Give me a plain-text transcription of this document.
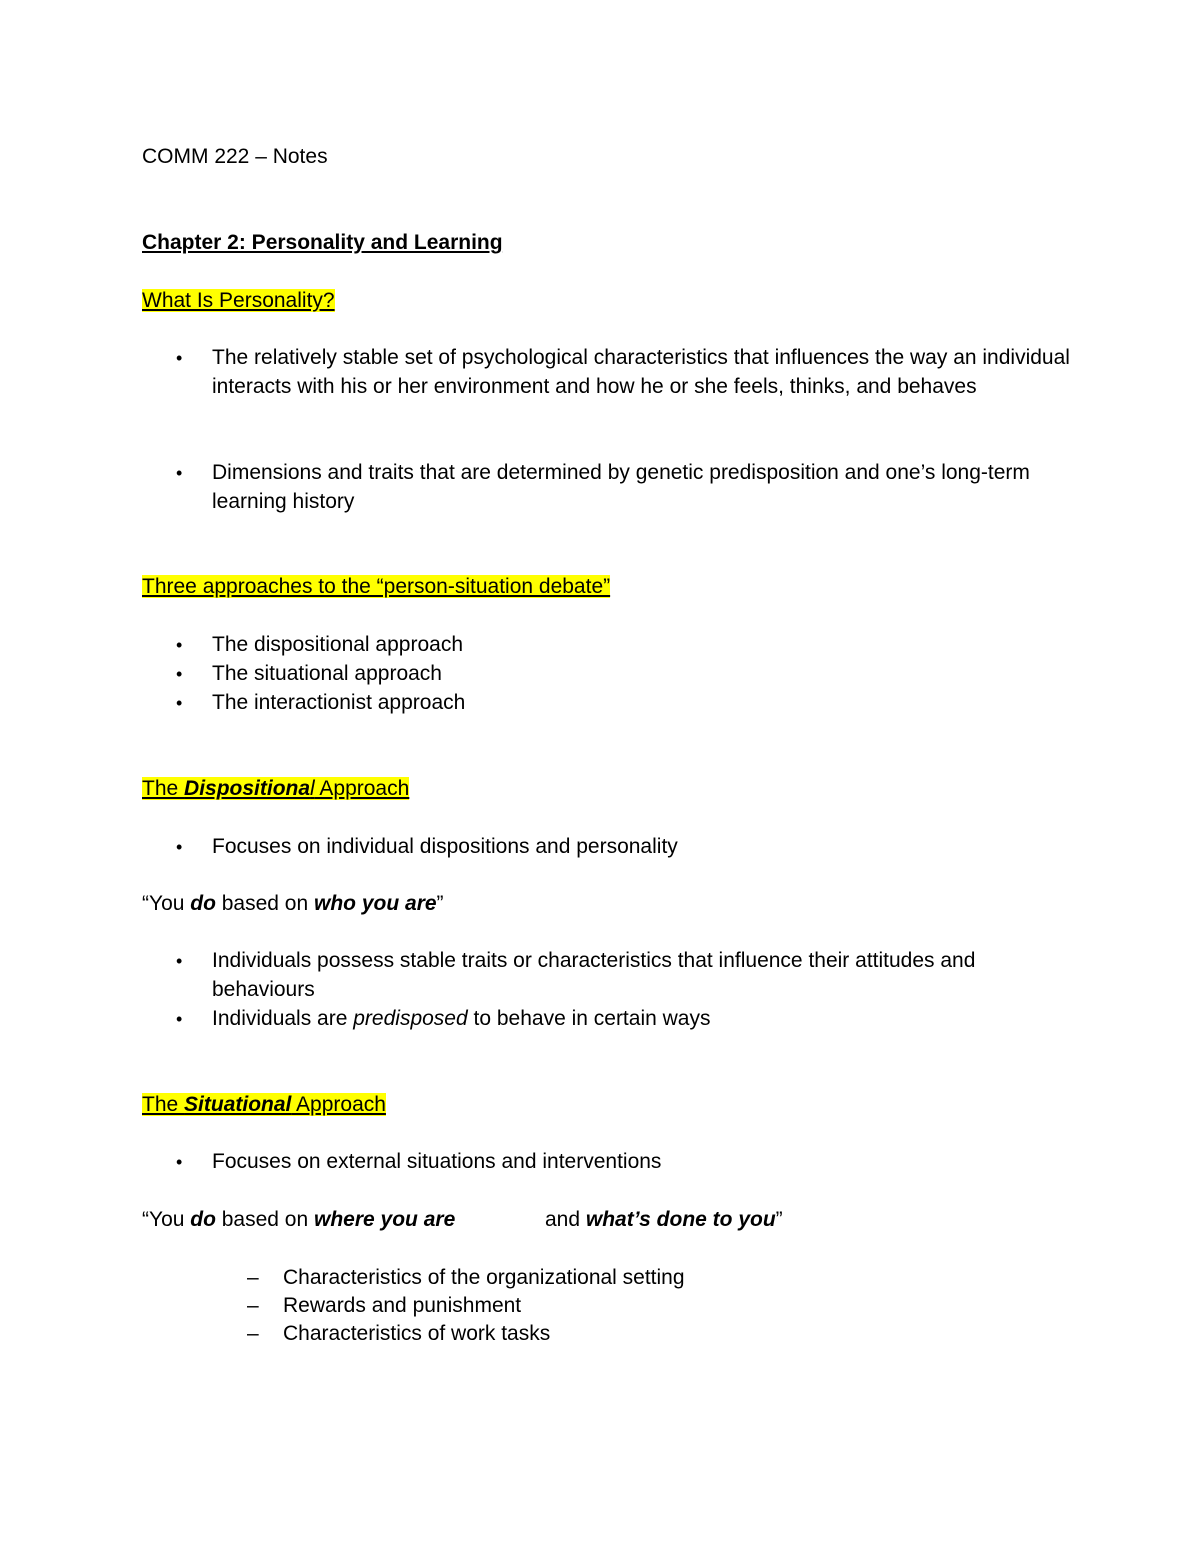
COMM 222 – Notes
Chapter 2: Personality and Learning
What Is Personality?
• The relatively stable set of psychological characteristics that influences the way an individual interacts with his or her environment and how he or she feels, thinks, and behaves
• Dimensions and traits that are determined by genetic predisposition and one’s long-term learning history
Three approaches to the “person-situation debate”
• The dispositional approach
• The situational approach
• The interactionist approach
The Dispositional Approach
• Focuses on individual dispositions and personality
“You do based on who you are”
• Individuals possess stable traits or characteristics that influence their attitudes and behaviours
• Individuals are predisposed to behave in certain ways
The Situational Approach
• Focuses on external situations and interventions
“You do based on where you are	and what’s done to you”
– Characteristics of the organizational setting
– Rewards and punishment
– Characteristics of work tasks
